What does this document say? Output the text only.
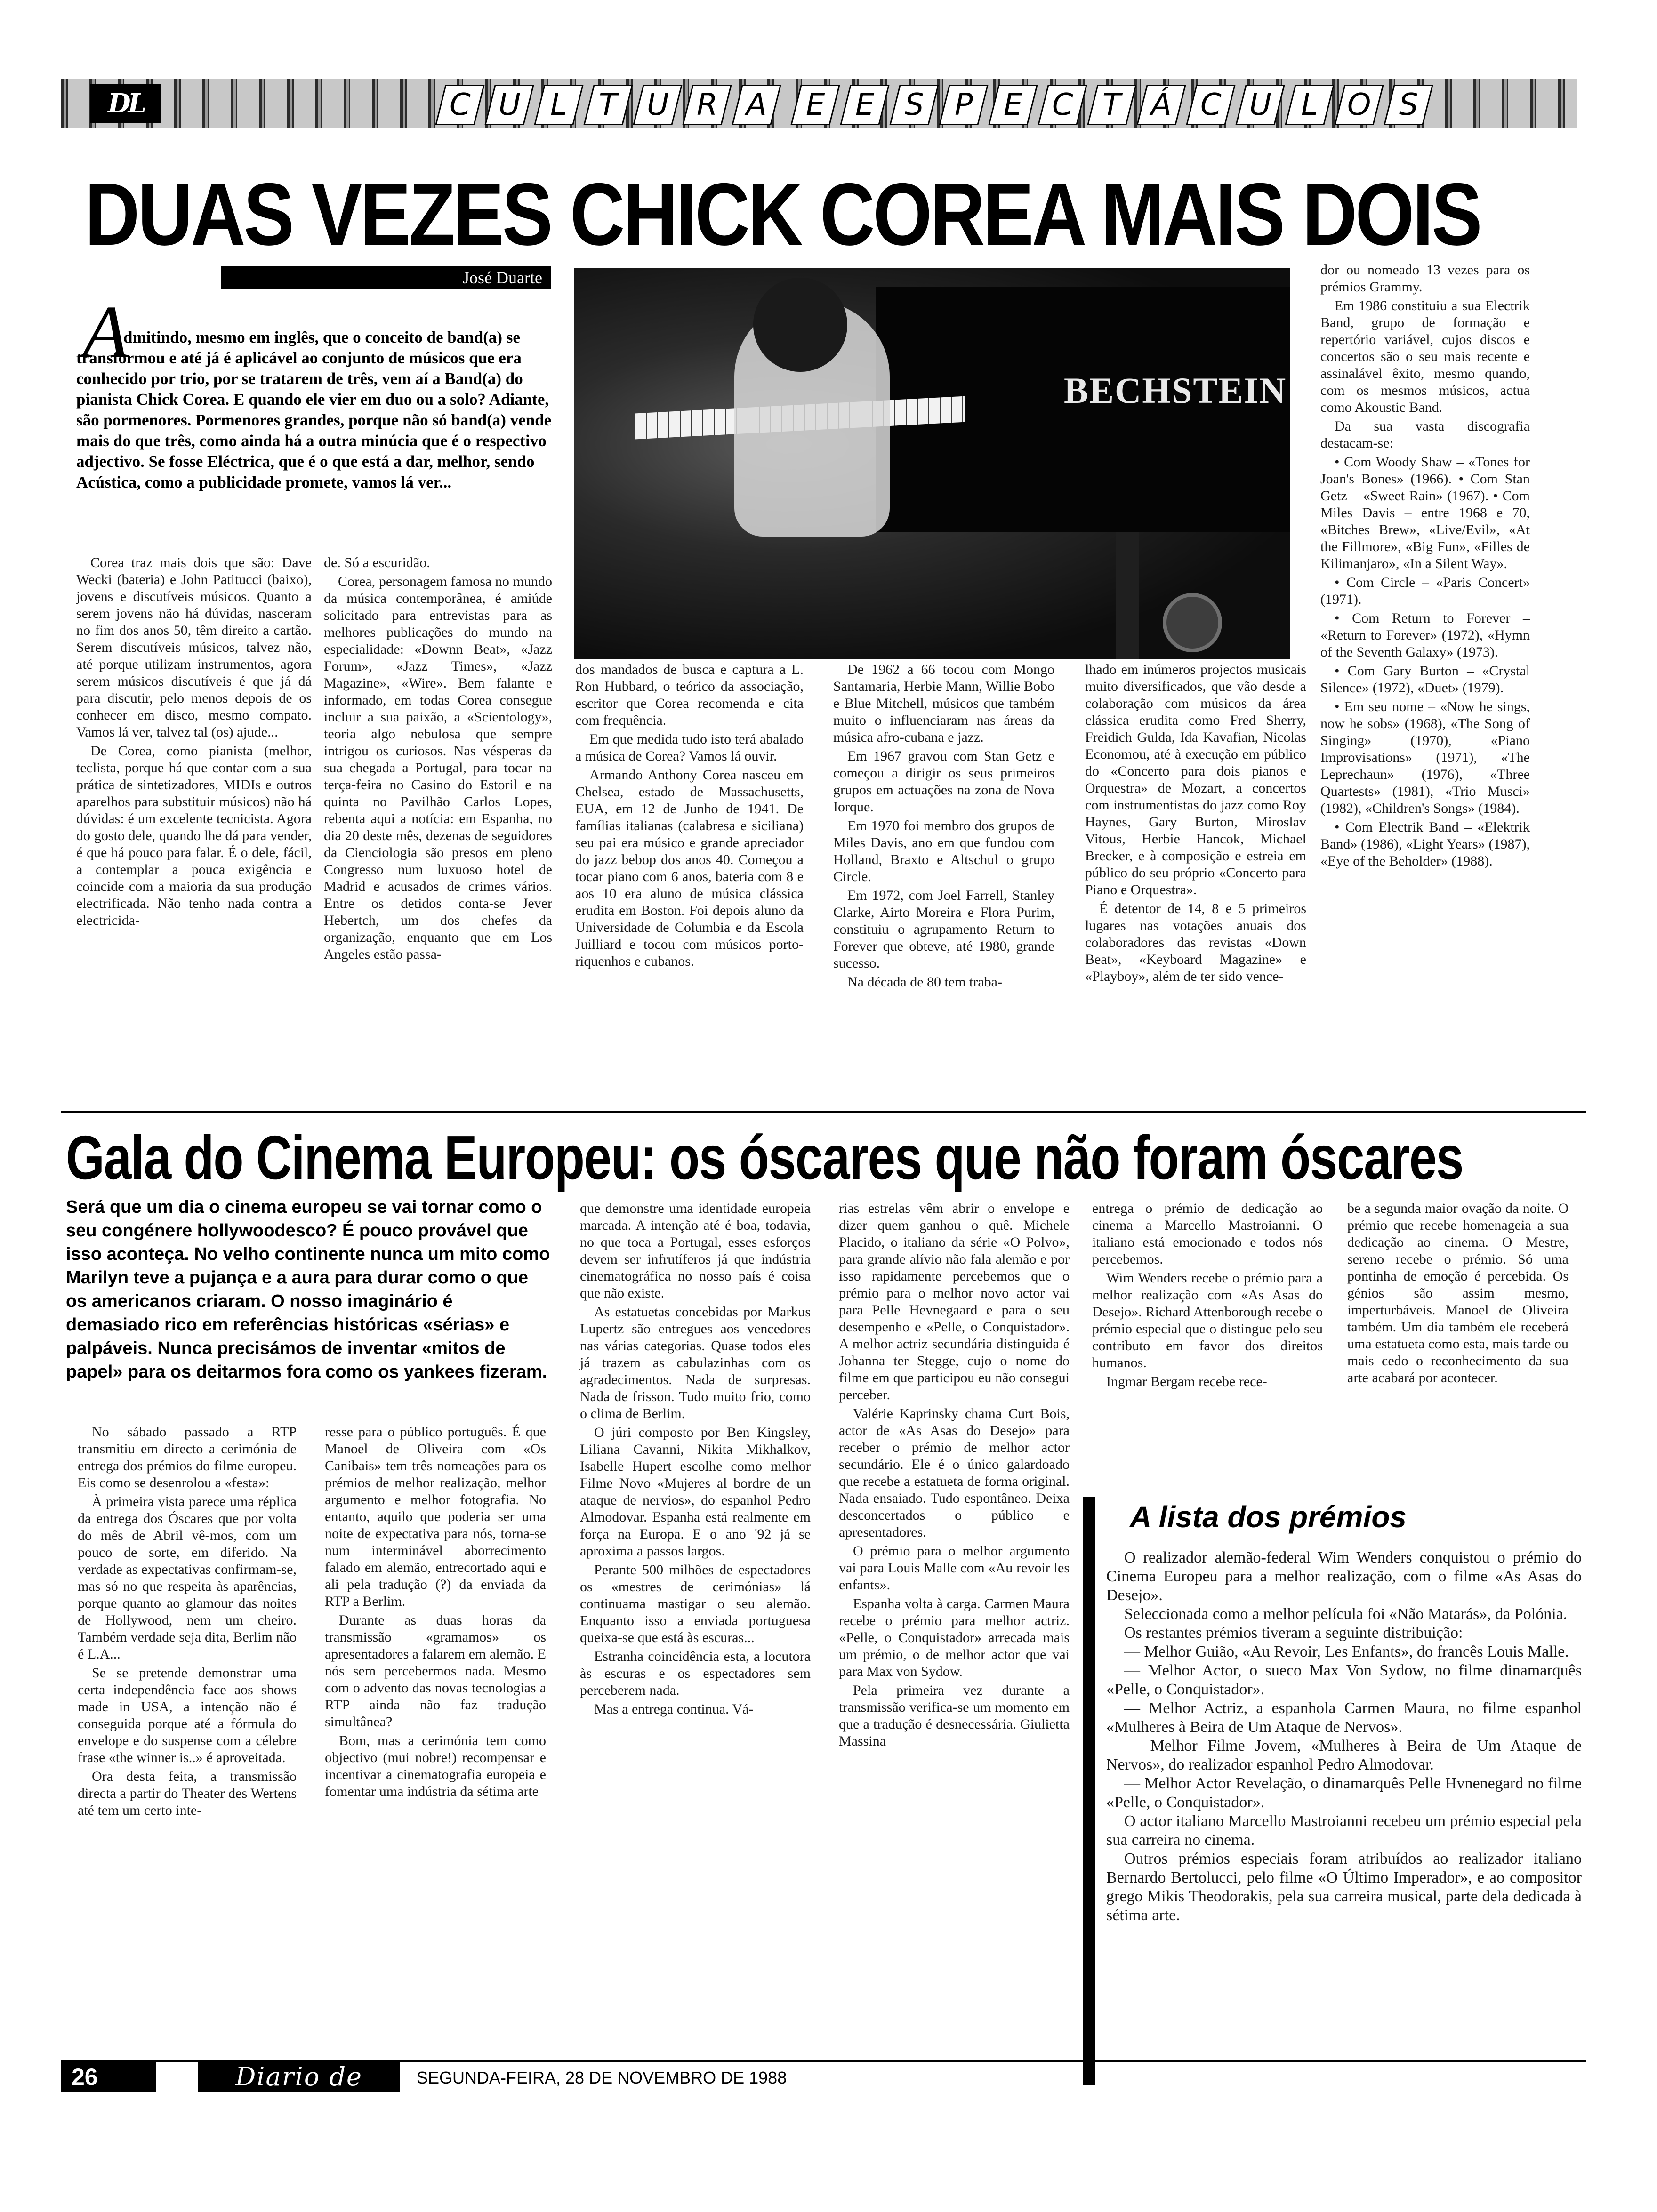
DL	C U L	T U R A	E	E	S	P	E C T Á C U L O S
DUAS VEZES CHICK COREA MAIS DOIS
José Duarte
A
dmitindo, mesmo em inglês, que o conceito de band(a) se transformou e até já é aplicável ao conjunto de músicos que era conhecido por trio, por se tratarem de três, vem aí a Band(a) do pianista Chick Corea. E quando ele vier em duo ou a solo? Adiante, são pormenores. Pormenores grandes, porque não só band(a) vende mais do que três, como ainda há a outra minúcia que é o respectivo adjectivo. Se fosse Eléctrica, que é o que está a dar, melhor, sendo Acústica, como a publicidade promete, vamos lá ver...
BECHSTEIN

Corea traz mais dois que são: Dave Wecki (bateria) e John Patitucci (baixo), jovens e discutíveis músicos. Quanto a serem jovens não há dúvidas, nasceram no fim dos anos 50, têm direito a cartão. Serem discutíveis músicos, talvez não, até porque utilizam instrumentos, agora serem músicos discutíveis é que já dá para discutir, pelo menos depois de os conhecer em disco, mesmo compato. Vamos lá ver, talvez tal (os) ajude...

De Corea, como pianista (melhor, teclista, porque há que contar com a sua prática de sintetizadores, MIDIs e outros aparelhos para substituir músicos) não há dúvidas: é um excelente tecnicista. Agora do gosto dele, quando lhe dá para vender, é que há pouco para falar. É o dele, fácil, a contemplar a pouca exigência e coincide com a maioria da sua produção electrificada. Não tenho nada contra a electricida-

de. Só a escuridão.

Corea, personagem famosa no mundo da música contemporânea, é amiúde solicitado para entrevistas para as melhores publicações do mundo na especialidade: «Downn Beat», «Jazz Forum», «Jazz Times», «Jazz Magazine», «Wire». Bem falante e informado, em todas Corea consegue incluir a sua paixão, a «Scientology», teoria algo nebulosa que sempre intrigou os curiosos. Nas vésperas da sua chegada a Portugal, para tocar na terça-feira no Casino do Estoril e na quinta no Pavilhão Carlos Lopes, rebenta aqui a notícia: em Espanha, no dia 20 deste mês, dezenas de seguidores da Cienciologia são presos em pleno Congresso num luxuoso hotel de Madrid e acusados de crimes vários. Entre os detidos conta-se Jever Hebertch, um dos chefes da organização, enquanto que em Los Angeles estão passa-

dos mandados de busca e captura a L. Ron Hubbard, o teórico da associação, escritor que Corea recomenda e cita com frequência.

Em que medida tudo isto terá abalado a música de Corea? Vamos lá ouvir.

Armando Anthony Corea nasceu em Chelsea, estado de Massachusetts, EUA, em 12 de Junho de 1941. De famílias italianas (calabresa e siciliana) seu pai era músico e grande apreciador do jazz bebop dos anos 40. Começou a tocar piano com 6 anos, bateria com 8 e aos 10 era aluno de música clássica erudita em Boston. Foi depois aluno da Universidade de Columbia e da Escola Juilliard e tocou com músicos porto-riquenhos e cubanos.

De 1962 a 66 tocou com Mongo Santamaria, Herbie Mann, Willie Bobo e Blue Mitchell, músicos que também muito o influenciaram nas áreas da música afro-cubana e jazz.

Em 1967 gravou com Stan Getz e começou a dirigir os seus primeiros grupos em actuações na zona de Nova Iorque.

Em 1970 foi membro dos grupos de Miles Davis, ano em que fundou com Holland, Braxto e Altschul o grupo Circle.

Em 1972, com Joel Farrell, Stanley Clarke, Airto Moreira e Flora Purim, constituiu o agrupamento Return to Forever que obteve, até 1980, grande sucesso.

Na década de 80 tem traba-

lhado em inúmeros projectos musicais muito diversificados, que vão desde a colaboração com músicos da área clássica erudita como Fred Sherry, Freidich Gulda, Ida Kavafian, Nicolas Economou, até à execução em público do «Concerto para dois pianos e Orquestra» de Mozart, a concertos com instrumentistas do jazz como Roy Haynes, Gary Burton, Miroslav Vitous, Herbie Hancok, Michael Brecker, e à composição e estreia em público do seu próprio «Concerto para Piano e Orquestra».

É detentor de 14, 8 e 5 primeiros lugares nas votações anuais dos colaboradores das revistas «Down Beat», «Keyboard Magazine» e «Playboy», além de ter sido vence-

dor ou nomeado 13 vezes para os prémios Grammy.

Em 1986 constituiu a sua Electrik Band, grupo de formação e repertório variável, cujos discos e concertos são o seu mais recente e assinalável êxito, mesmo quando, com os mesmos músicos, actua como Akoustic Band.

Da sua vasta discografia destacam-se:

• Com Woody Shaw – «Tones for Joan's Bones» (1966). • Com Stan Getz – «Sweet Rain» (1967). • Com Miles Davis – entre 1968 e 70, «Bitches Brew», «Live/Evil», «At the Fillmore», «Big Fun», «Filles de Kilimanjaro», «In a Silent Way».

• Com Circle – «Paris Concert» (1971).

• Com Return to Forever – «Return to Forever» (1972), «Hymn of the Seventh Galaxy» (1973).

• Com Gary Burton – «Crystal Silence» (1972), «Duet» (1979).

• Em seu nome – «Now he sings, now he sobs» (1968), «The Song of Singing» (1970), «Piano Improvisations» (1971), «The Leprechaun» (1976), «Three Quartests» (1981), «Trio Musci» (1982), «Children's Songs» (1984).

• Com Electrik Band – «Elektrik Band» (1986), «Light Years» (1987), «Eye of the Beholder» (1988).

Gala do Cinema Europeu: os óscares que não foram óscares
Será que um dia o cinema europeu se vai tornar como o seu congénere hollywoodesco? É pouco provável que isso aconteça. No velho continente nunca um mito como Marilyn teve a pujança e a aura para durar como o que os americanos criaram. O nosso imaginário é demasiado rico em referências históricas «sérias» e palpáveis. Nunca precisámos de inventar «mitos de papel» para os deitarmos fora como os yankees fizeram.

No sábado passado a RTP transmitiu em directo a cerimónia de entrega dos prémios do filme europeu. Eis como se desenrolou a «festa»:

À primeira vista parece uma réplica da entrega dos Óscares que por volta do mês de Abril vê-mos, com um pouco de sorte, em diferido. Na verdade as expectativas confirmam-se, mas só no que respeita às aparências, porque quanto ao glamour das noites de Hollywood, nem um cheiro. Também verdade seja dita, Berlim não é L.A...

Se se pretende demonstrar uma certa independência face aos shows made in USA, a intenção não é conseguida porque até a fórmula do envelope e do suspense com a célebre frase «the winner is..» é aproveitada.

Ora desta feita, a transmissão directa a partir do Theater des Wertens até tem um certo inte-

resse para o público português. É que Manoel de Oliveira com «Os Canibais» tem três nomeações para os prémios de melhor realização, melhor argumento e melhor fotografia. No entanto, aquilo que poderia ser uma noite de expectativa para nós, torna-se num interminável aborrecimento falado em alemão, entrecortado aqui e ali pela tradução (?) da enviada da RTP a Berlim.

Durante as duas horas da transmissão «gramamos» os apresentadores a falarem em alemão. E nós sem percebermos nada. Mesmo com o advento das novas tecnologias a RTP ainda não faz tradução simultânea?

Bom, mas a cerimónia tem como objectivo (mui nobre!) recompensar e incentivar a cinematografia europeia e fomentar uma indústria da sétima arte

que demonstre uma identidade europeia marcada. A intenção até é boa, todavia, no que toca a Portugal, esses esforços devem ser infrutíferos já que indústria cinematográfica no nosso país é coisa que não existe.

As estatuetas concebidas por Markus Lupertz são entregues aos vencedores nas várias categorias. Quase todos eles já trazem as cabulazinhas com os agradecimentos. Nada de surpresas. Nada de frisson. Tudo muito frio, como o clima de Berlim.

O júri composto por Ben Kingsley, Liliana Cavanni, Nikita Mikhalkov, Isabelle Hupert escolhe como melhor Filme Novo «Mujeres al bordre de un ataque de nervios», do espanhol Pedro Almodovar. Espanha está realmente em força na Europa. E o ano '92 já se aproxima a passos largos.

Perante 500 milhões de espectadores os «mestres de cerimónias» lá continuama mastigar o seu alemão. Enquanto isso a enviada portuguesa queixa-se que está às escuras...

Estranha coincidência esta, a locutora às escuras e os espectadores sem perceberem nada.

Mas a entrega continua. Vá-

rias estrelas vêm abrir o envelope e dizer quem ganhou o quê. Michele Placido, o italiano da série «O Polvo», para grande alívio não fala alemão e por isso rapidamente percebemos que o prémio para o melhor novo actor vai para Pelle Hevnegaard e para o seu desempenho e «Pelle, o Conquistador». A melhor actriz secundária distinguida é Johanna ter Stegge, cujo o nome do filme em que participou eu não consegui perceber.

Valérie Kaprinsky chama Curt Bois, actor de «As Asas do Desejo» para receber o prémio de melhor actor secundário. Ele é o único galardoado que recebe a estatueta de forma original. Nada ensaiado. Tudo espontâneo. Deixa desconcertados o público e apresentadores.

O prémio para o melhor argumento vai para Louis Malle com «Au revoir les enfants».

Espanha volta à carga. Carmen Maura recebe o prémio para melhor actriz. «Pelle, o Conquistador» arrecada mais um prémio, o de melhor actor que vai para Max von Sydow.

Pela primeira vez durante a transmissão verifica-se um momento em que a tradução é desnecessária. Giulietta Massina

entrega o prémio de dedicação ao cinema a Marcello Mastroianni. O italiano está emocionado e todos nós percebemos.

Wim Wenders recebe o prémio para a melhor realização com «As Asas do Desejo». Richard Attenborough recebe o prémio especial que o distingue pelo seu contributo em favor dos direitos humanos.

Ingmar Bergam recebe rece-

be a segunda maior ovação da noite. O prémio que recebe homenageia a sua dedicação ao cinema. O Mestre, sereno recebe o prémio. Só uma pontinha de emoção é percebida. Os génios são assim mesmo, imperturbáveis. Manoel de Oliveira também. Um dia também ele receberá uma estatueta como esta, mais tarde ou mais cedo o reconhecimento da sua arte acabará por acontecer.

A lista dos prémios

O realizador alemão-federal Wim Wenders conquistou o prémio do Cinema Europeu para a melhor realização, com o filme «As Asas do Desejo».

Seleccionada como a melhor película foi «Não Matarás», da Polónia.

Os restantes prémios tiveram a seguinte distribuição:

— Melhor Guião, «Au Revoir, Les Enfants», do francês Louis Malle.

— Melhor Actor, o sueco Max Von Sydow, no filme dinamarquês «Pelle, o Conquistador».

— Melhor Actriz, a espanhola Carmen Maura, no filme espanhol «Mulheres à Beira de Um Ataque de Nervos».

— Melhor Filme Jovem, «Mulheres à Beira de Um Ataque de Nervos», do realizador espanhol Pedro Almodovar.

— Melhor Actor Revelação, o dinamarquês Pelle Hvnenegard no filme «Pelle, o Conquistador».

O actor italiano Marcello Mastroianni recebeu um prémio especial pela sua carreira no cinema.

Outros prémios especiais foram atribuídos ao realizador italiano Bernardo Bertolucci, pelo filme «O Último Imperador», e ao compositor grego Mikis Theodorakis, pela sua carreira musical, parte dela dedicada à sétima arte.

26	Diario de Lisboa
SEGUNDA-FEIRA, 28 DE NOVEMBRO DE 1988
